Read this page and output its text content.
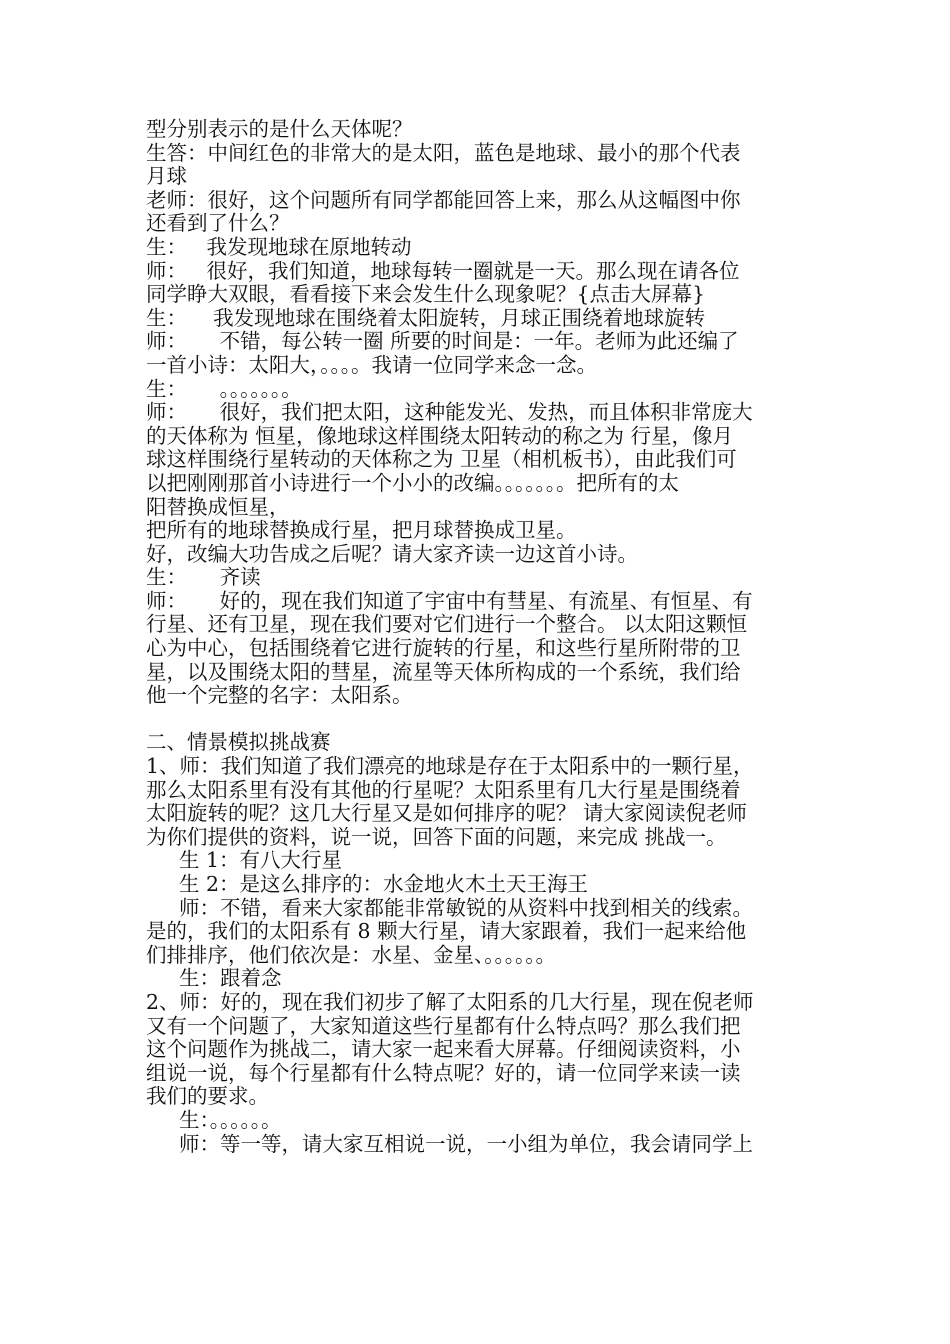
型分别表示的是什么天体呢？
生答：中间红色的非常大的是太阳，蓝色是地球、最小的那个代表
月球
老师：很好，这个问题所有同学都能回答上来，那么从这幅图中你
还看到了什么？
生：   我发现地球在原地转动
师：   很好，我们知道，地球每转一圈就是一天。那么现在请各位
同学睁大双眼，看看接下来会发生什么现象呢？{点击大屏幕}
生：    我发现地球在围绕着太阳旋转，月球正围绕着地球旋转
师：     不错，每公转一圈 所要的时间是：一年。老师为此还编了
一首小诗：太阳大，。。。。我请一位同学来念一念。
生：     。。。。。。。
师：     很好，我们把太阳，这种能发光、发热，而且体积非常庞大
的天体称为 恒星，像地球这样围绕太阳转动的称之为 行星，像月
球这样围绕行星转动的天体称之为 卫星（相机板书），由此我们可
以把刚刚那首小诗进行一个小小的改编。。。。。。。把所有的太
阳替换成恒星，
把所有的地球替换成行星，把月球替换成卫星。
好，改编大功告成之后呢？请大家齐读一边这首小诗。
生：     齐读
师：     好的，现在我们知道了宇宙中有彗星、有流星、有恒星、有
行星、还有卫星，现在我们要对它们进行一个整合。 以太阳这颗恒
心为中心，包括围绕着它进行旋转的行星，和这些行星所附带的卫
星，以及围绕太阳的彗星，流星等天体所构成的一个系统，我们给
他一个完整的名字：太阳系。
二、情景模拟挑战赛
1、师：我们知道了我们漂亮的地球是存在于太阳系中的一颗行星，
那么太阳系里有没有其他的行星呢？太阳系里有几大行星是围绕着
太阳旋转的呢？这几大行星又是如何排序的呢？ 请大家阅读倪老师
为你们提供的资料，说一说，回答下面的问题，来完成 挑战一。
生 1：有八大行星
生 2：是这么排序的：水金地火木土天王海王
师：不错，看来大家都能非常敏锐的从资料中找到相关的线索。
是的，我们的太阳系有 8 颗大行星，请大家跟着，我们一起来给他
们排排序，他们依次是：水星、金星、。。。。。。
生：跟着念
2、师：好的，现在我们初步了解了太阳系的几大行星，现在倪老师
又有一个问题了，大家知道这些行星都有什么特点吗？那么我们把
这个问题作为挑战二，请大家一起来看大屏幕。仔细阅读资料，小
组说一说，每个行星都有什么特点呢？好的，请一位同学来读一读
我们的要求。
生：。。。。。。
师：等一等，请大家互相说一说，一小组为单位，我会请同学上
